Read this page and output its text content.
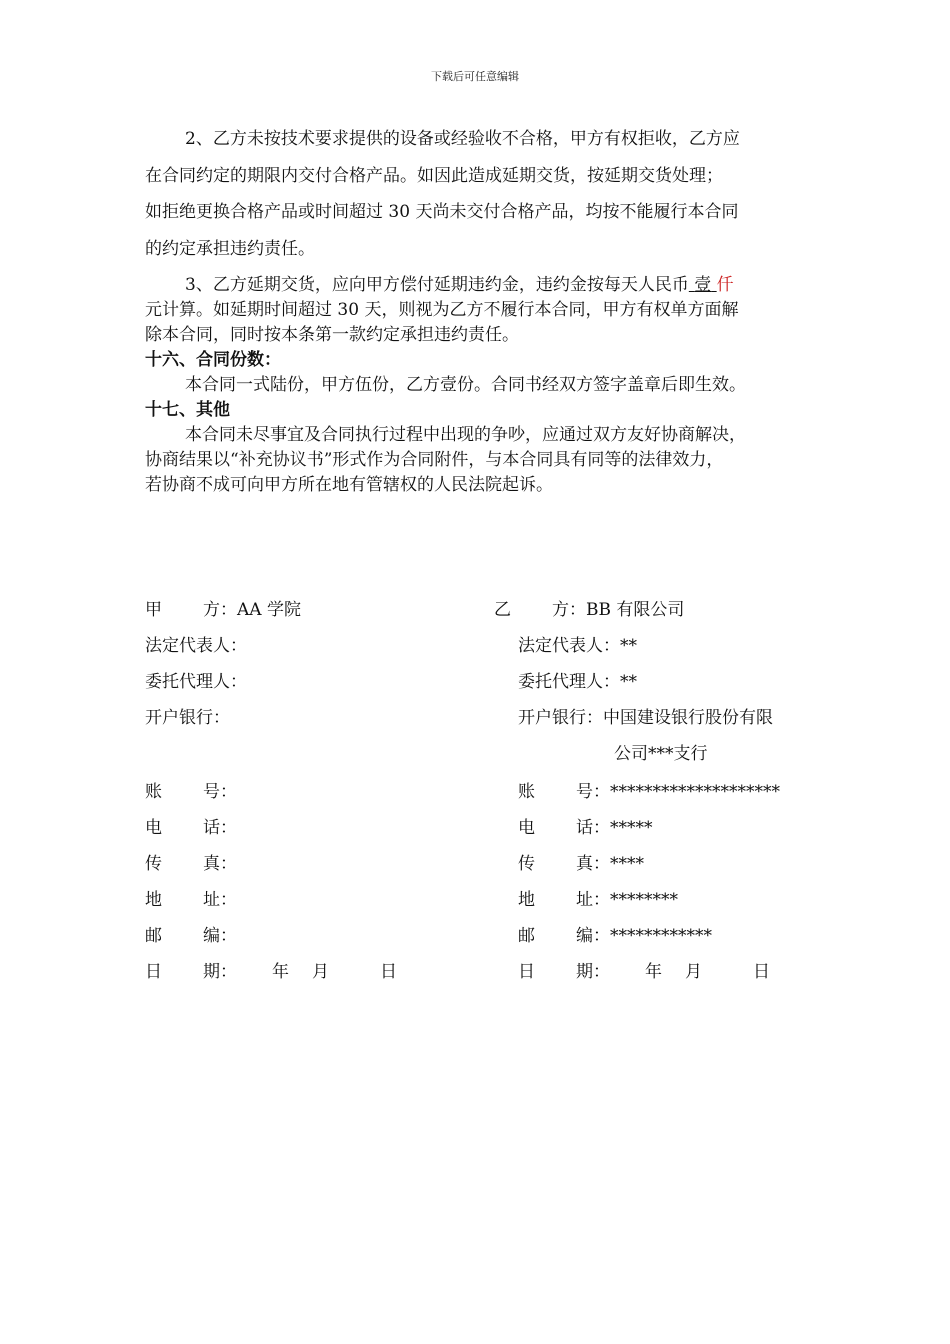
下载后可任意编辑
2、乙方未按技术要求提供的设备或经验收不合格，甲方有权拒收，乙方应
在合同约定的期限内交付合格产品。如因此造成延期交货，按延期交货处理；
如拒绝更换合格产品或时间超过 30 天尚未交付合格产品，均按不能履行本合同
的约定承担违约责任。
3、乙方延期交货，应向甲方偿付延期违约金，违约金按每天人民币 壹 仟
元计算。如延期时间超过 30 天，则视为乙方不履行本合同，甲方有权单方面解
除本合同，同时按本条第一款约定承担违约责任。
十六、合同份数：
本合同一式陆份，甲方伍份，乙方壹份。合同书经双方签字盖章后即生效。
十七、其他
本合同未尽事宜及合同执行过程中出现的争吵，应通过双方友好协商解决，
协商结果以“补充协议书”形式作为合同附件，与本合同具有同等的法律效力，
若协商不成可向甲方所在地有管辖权的人民法院起诉。
甲 方：AA 学院
法定代表人：
委托代理人：
开户银行：
账 号：
电 话：
传 真：
地 址：
邮 编：
日 期： 年 月	日
乙 方：BB 有限公司
法定代表人：**
委托代理人：**
开户银行：中国建设银行股份有限
公司***支行
账 号：********************
电 话：*****
传 真：****
地 址：********
邮 编：************
日 期： 年 月	日
